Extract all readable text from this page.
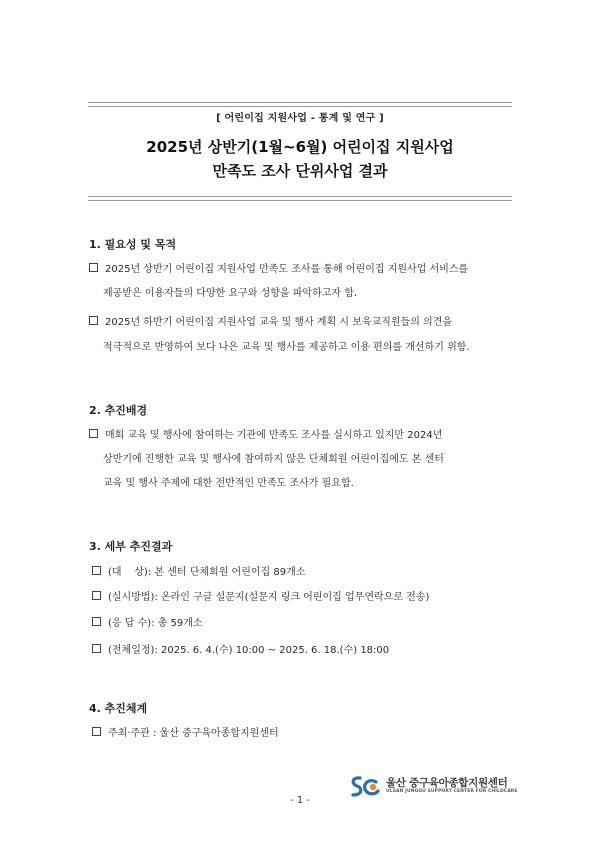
[ 어린이집 지원사업 - 통계 및 연구 ]
2025년 상반기(1월~6월) 어린이집 지원사업
만족도 조사 단위사업 결과
1. 필요성 및 목적
2025년 상반기 어린이집 지원사업 만족도 조사를 통해 어린이집 지원사업 서비스를
제공받은 이용자들의 다양한 요구와 성향을 파악하고자 함.
2025년 하반기 어린이집 지원사업 교육 및 행사 계획 시 보육교직원들의 의견을
적극적으로 반영하여 보다 나은 교육 및 행사를 제공하고 이용 편의를 개선하기 위함.
2. 추진배경
매회 교육 및 행사에 참여하는 기관에 만족도 조사를 실시하고 있지만 2024년
상반기에 진행한 교육 및 행사에 참여하지 않은 단체회원 어린이집에도 본 센터
교육 및 행사 주제에 대한 전반적인 만족도 조사가 필요함.
3. 세부 추진결과
(대    상): 본 센터 단체회원 어린이집 89개소
(실시방법): 온라인 구글 설문지(설문지 링크 어린이집 업무연락으로 전송)
(응 답 수): 총 59개소
(전체일정): 2025. 6. 4.(수) 10:00 ~ 2025. 6. 18.(수) 18:00
4. 추진체계
주최·주관 : 울산 중구육아종합지원센터
울산 중구육아종합지원센터
ULSAN JUNGGU SUPPORT CENTER FOR CHILDCARE
- 1 -
